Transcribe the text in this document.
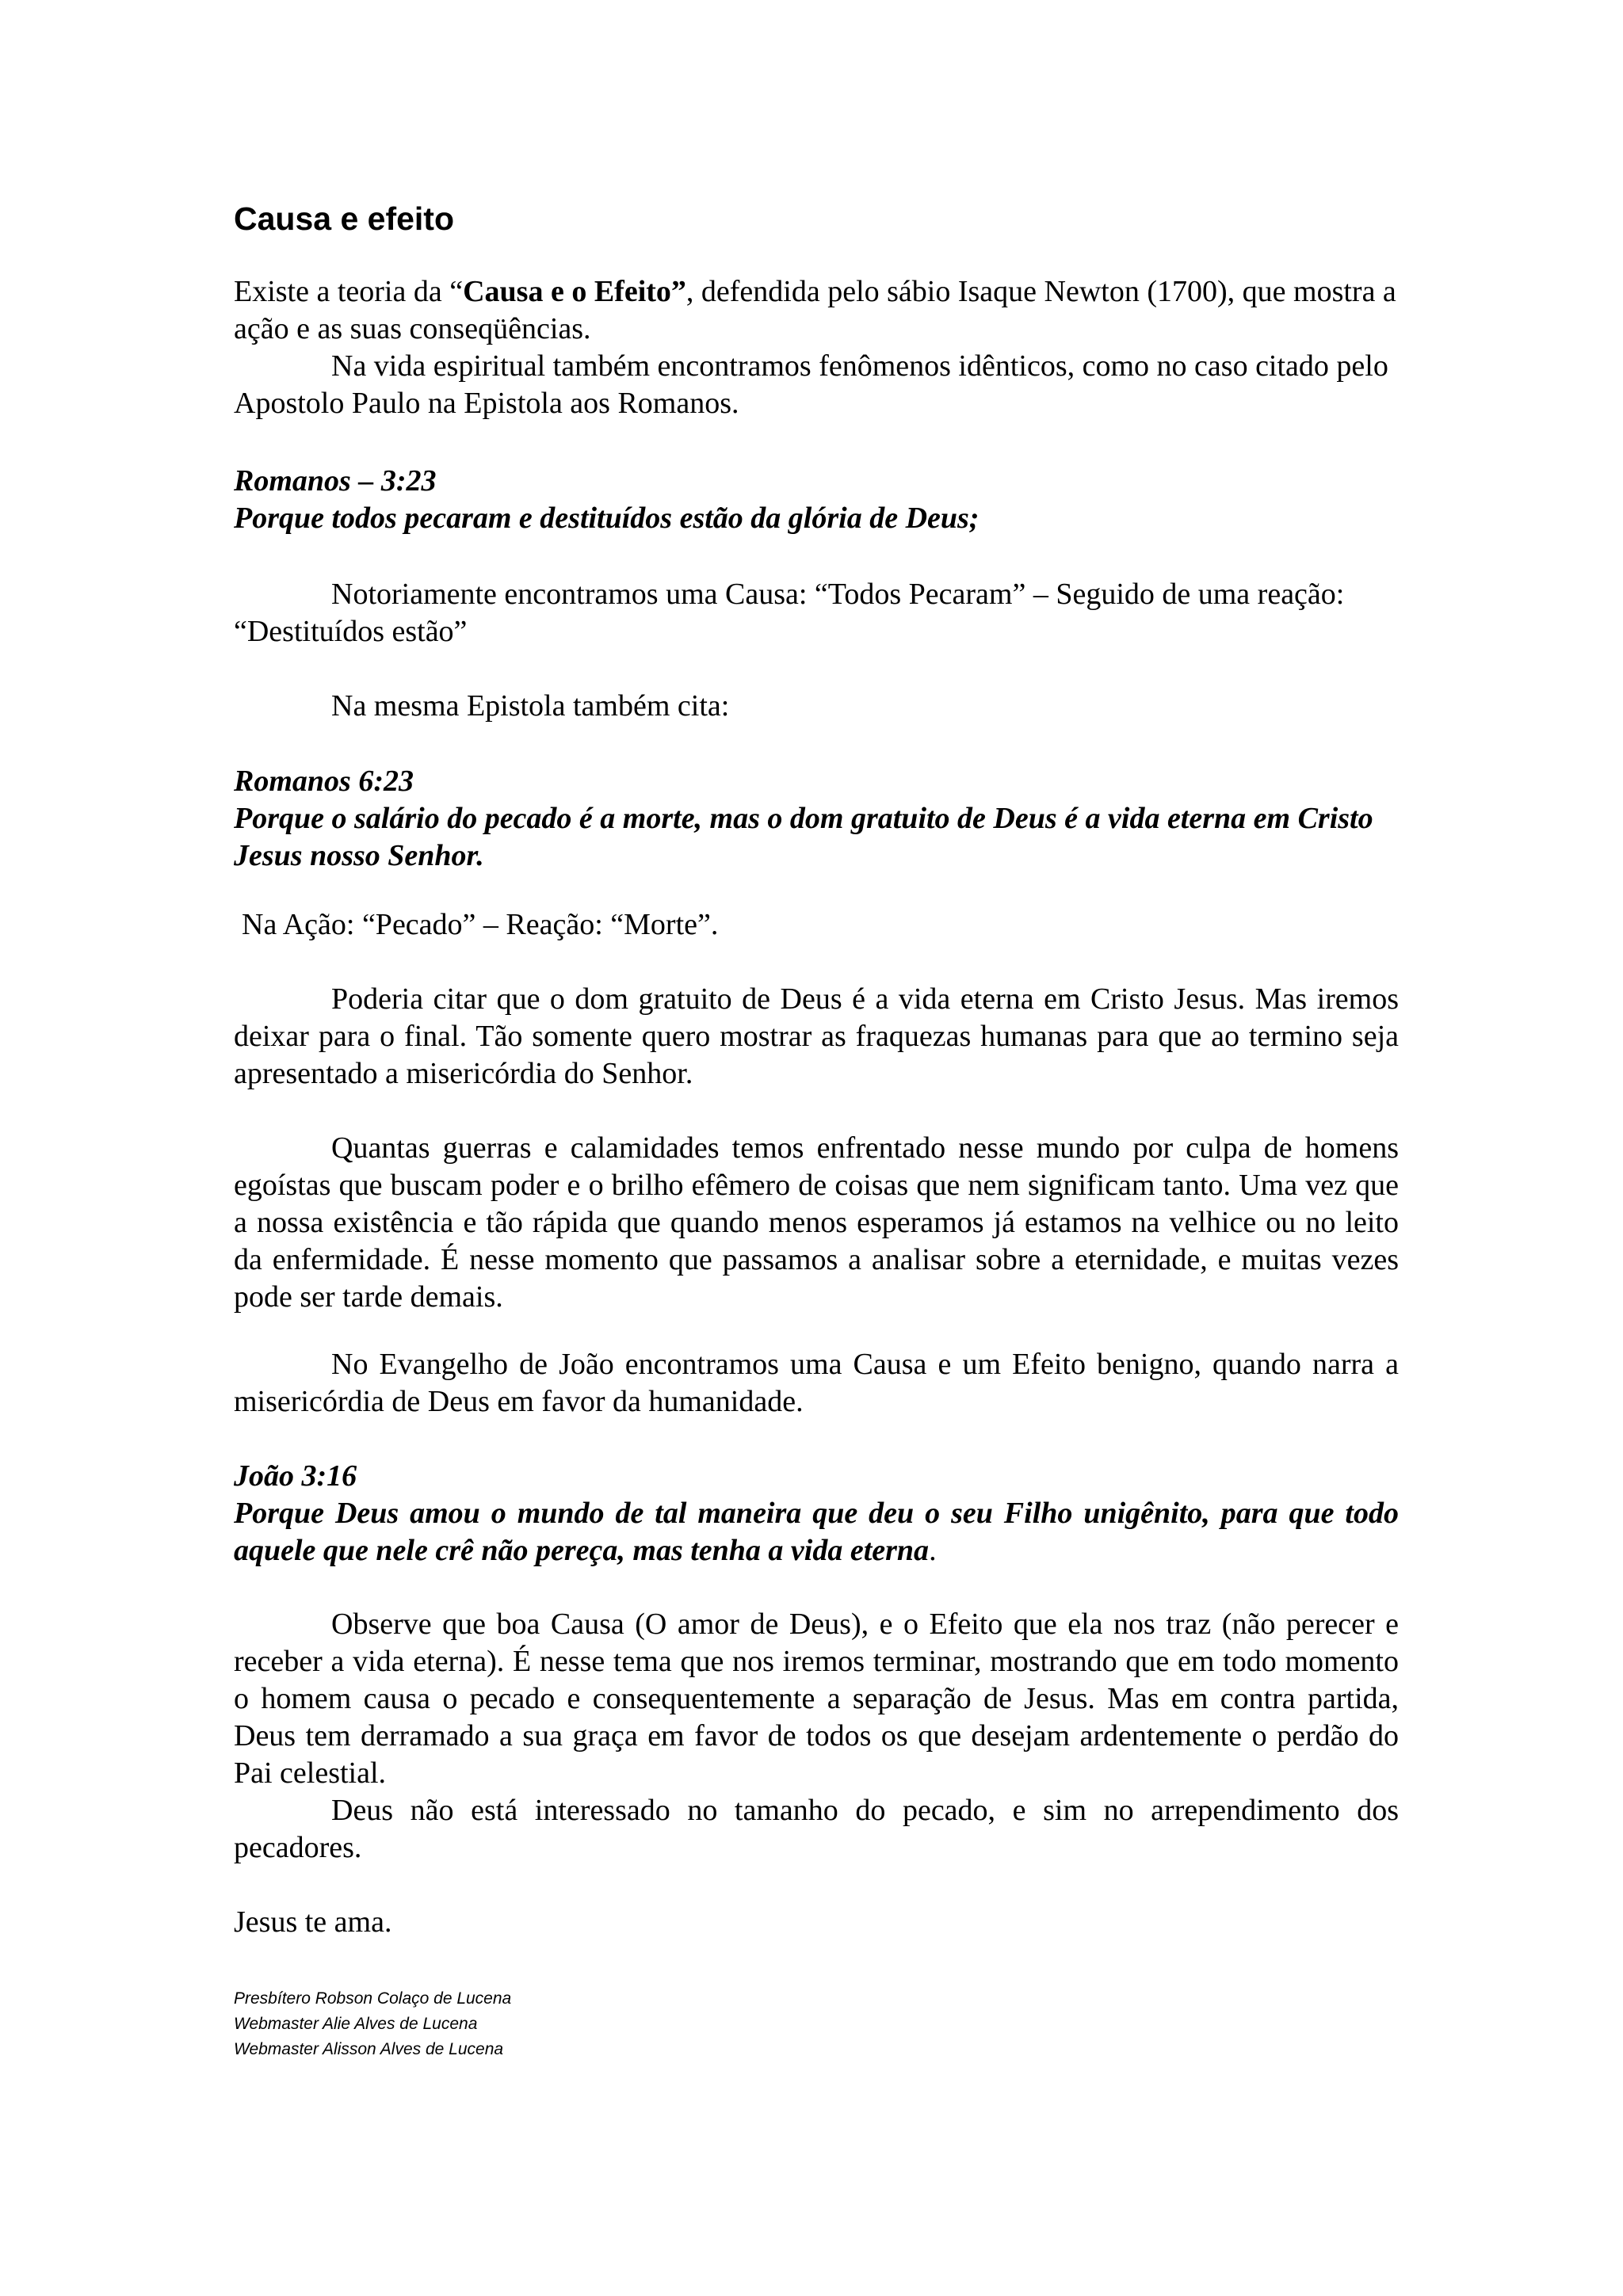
Causa e efeito

Existe a teoria da “Causa e o Efeito”, defendida pelo sábio Isaque Newton (1700), que mostra a ação e as suas conseqüências.

Na vida espiritual também encontramos fenômenos idênticos, como no caso citado pelo Apostolo Paulo na Epistola aos Romanos.

Romanos – 3:23

Porque todos pecaram e destituídos estão da glória de Deus;

Notoriamente encontramos uma Causa: “Todos Pecaram” – Seguido de uma reação: “Destituídos estão”

Na mesma Epistola também cita:

Romanos 6:23

Porque o salário do pecado é a morte, mas o dom gratuito de Deus é a vida eterna em Cristo Jesus nosso Senhor.

Na Ação: “Pecado” – Reação: “Morte”.

Poderia citar que o dom gratuito de Deus é a vida eterna em Cristo Jesus. Mas iremos deixar para o final. Tão somente quero mostrar as fraquezas humanas para que ao termino seja apresentado a misericórdia do Senhor.

Quantas guerras e calamidades temos enfrentado nesse mundo por culpa de homens egoístas que buscam poder e o brilho efêmero de coisas que nem significam tanto. Uma vez que a nossa existência e tão rápida que quando menos esperamos já estamos na velhice ou no leito da enfermidade. É nesse momento que passamos a analisar sobre a eternidade, e muitas vezes pode ser tarde demais.

No Evangelho de João encontramos uma Causa e um Efeito benigno, quando narra a misericórdia de Deus em favor da humanidade.

João 3:16

Porque Deus amou o mundo de tal maneira que deu o seu Filho unigênito, para que todo aquele que nele crê não pereça, mas tenha a vida eterna.

Observe que boa Causa (O amor de Deus), e o Efeito que ela nos traz (não perecer e receber a vida eterna). É nesse tema que nos iremos terminar, mostrando que em todo momento o homem causa o pecado e consequentemente a separação de Jesus. Mas em contra partida, Deus tem derramado a sua graça em favor de todos os que desejam ardentemente o perdão do Pai celestial.

Deus não está interessado no tamanho do pecado, e sim no arrependimento dos pecadores.

Jesus te ama.

Presbítero Robson Colaço de Lucena
Webmaster Alie Alves de Lucena
Webmaster Alisson Alves de Lucena
